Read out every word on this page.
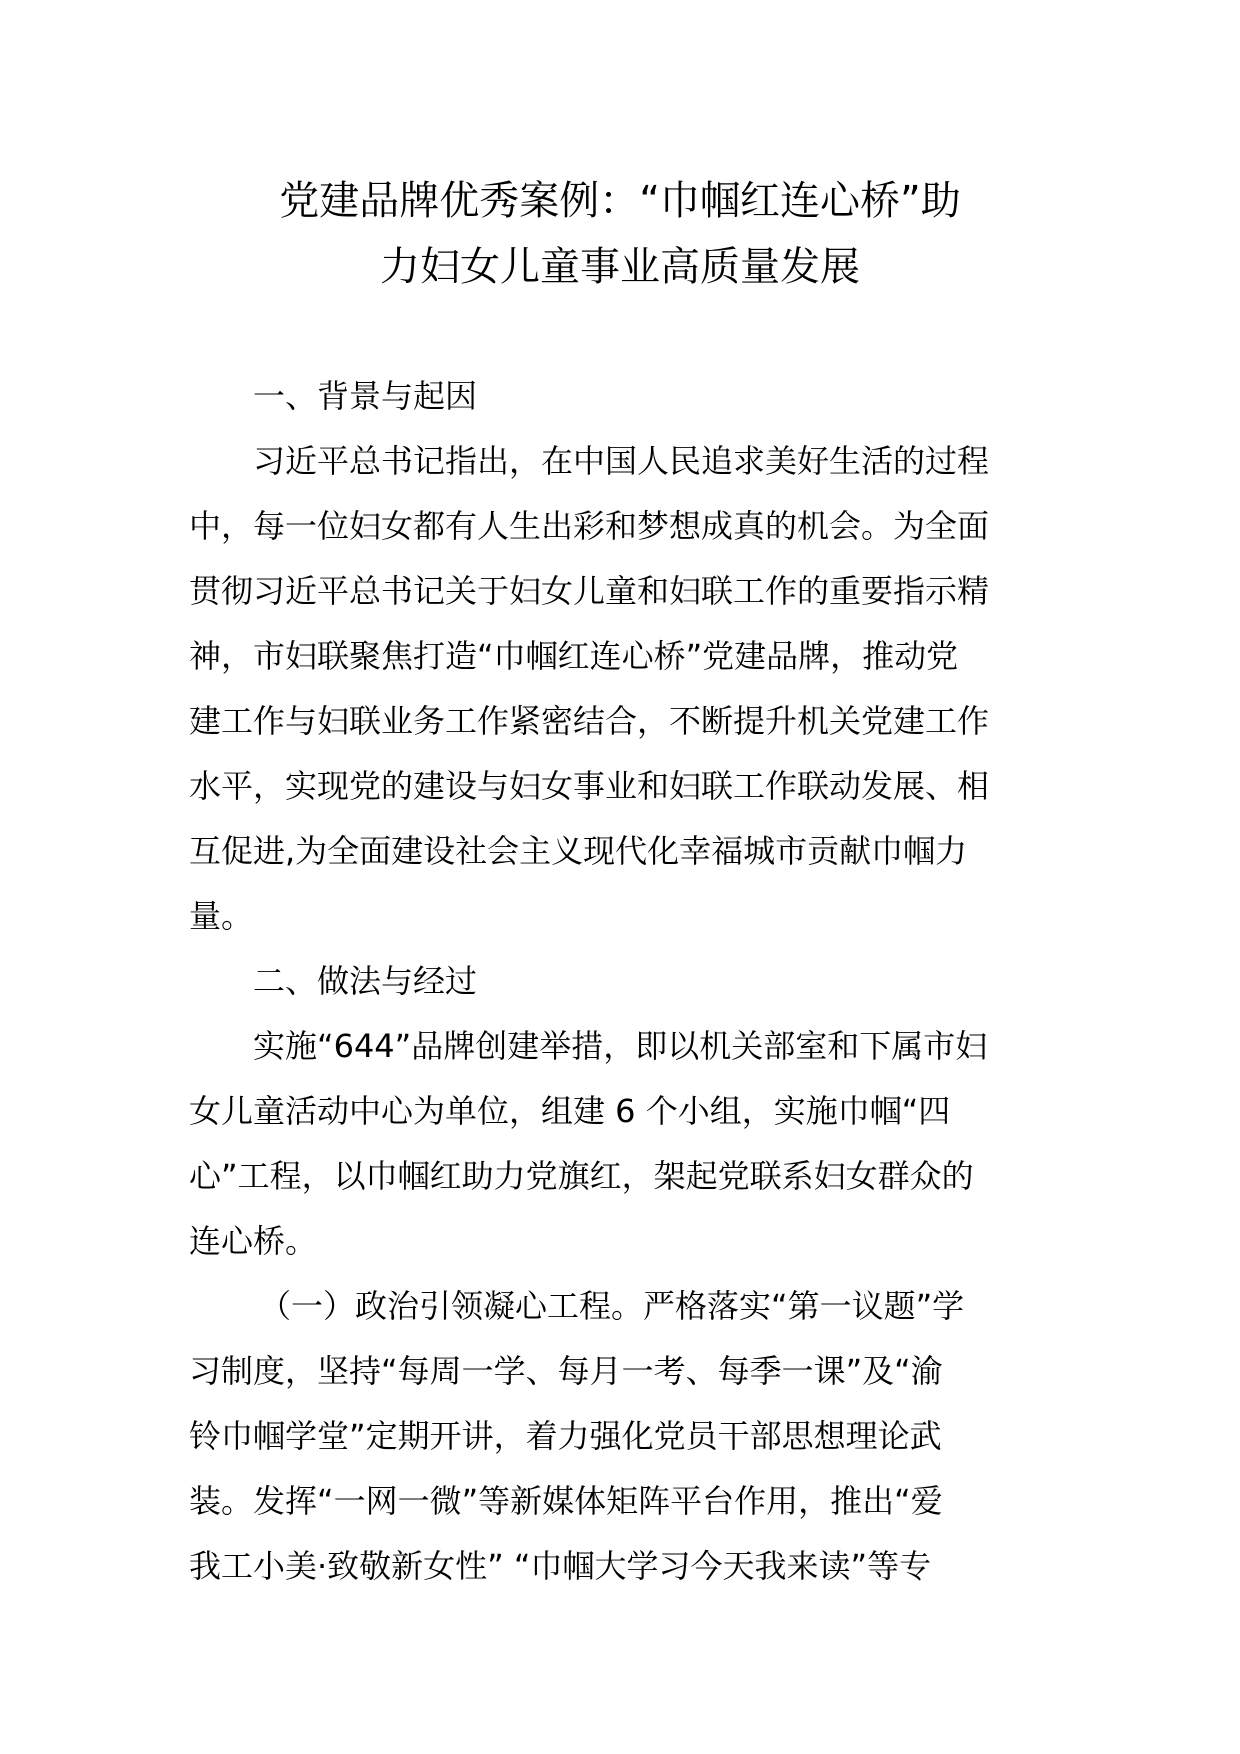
党建品牌优秀案例：“巾帼红连心桥”助
力妇女儿童事业高质量发展
一、背景与起因
习近平总书记指出，在中国人民追求美好生活的过程
中，每一位妇女都有人生出彩和梦想成真的机会。为全面
贯彻习近平总书记关于妇女儿童和妇联工作的重要指示精
神，市妇联聚焦打造“巾帼红连心桥”党建品牌，推动党
建工作与妇联业务工作紧密结合，不断提升机关党建工作
水平，实现党的建设与妇女事业和妇联工作联动发展、相
互促进,为全面建设社会主义现代化幸福城市贡献巾帼力
量。
二、做法与经过
实施“644”品牌创建举措，即以机关部室和下属市妇
女儿童活动中心为单位，组建 6 个小组，实施巾帼“四
心”工程，以巾帼红助力党旗红，架起党联系妇女群众的
连心桥。
（一）政治引领凝心工程。严格落实“第一议题”学
习制度，坚持“每周一学、每月一考、每季一课”及“渝
铃巾帼学堂”定期开讲，着力强化党员干部思想理论武
装。发挥“一网一微”等新媒体矩阵平台作用，推出“爱
我工小美·致敬新女性” “巾帼大学习今天我来读”等专
